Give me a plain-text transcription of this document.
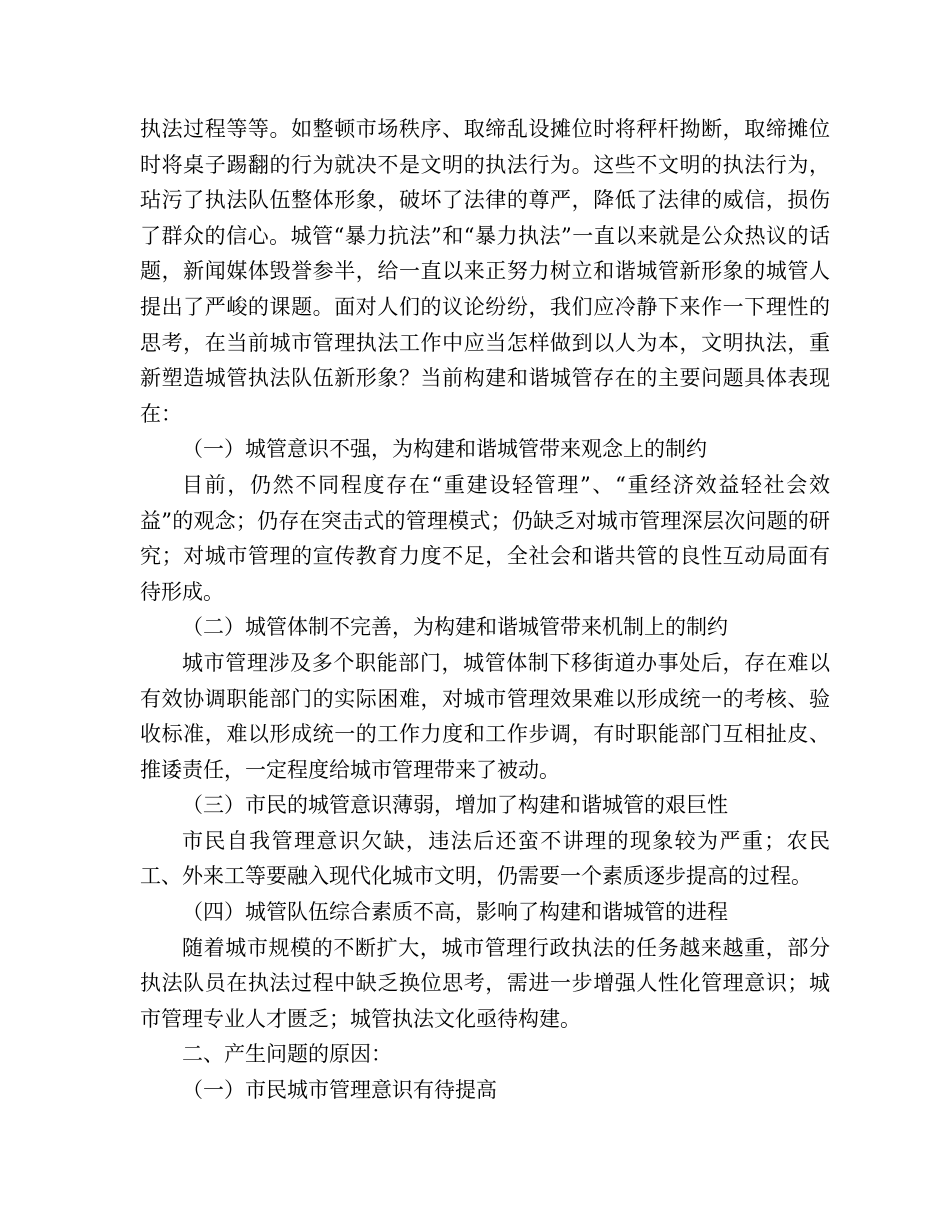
执法过程等等。如整顿市场秩序、取缔乱设摊位时将秤杆拗断，取缔摊位时将桌子踢翻的行为就决不是文明的执法行为。这些不文明的执法行为，玷污了执法队伍整体形象，破坏了法律的尊严，降低了法律的威信，损伤了群众的信心。城管“暴力抗法”和“暴力执法”一直以来就是公众热议的话题，新闻媒体毁誉参半，给一直以来正努力树立和谐城管新形象的城管人提出了严峻的课题。面对人们的议论纷纷，我们应冷静下来作一下理性的思考，在当前城市管理执法工作中应当怎样做到以人为本，文明执法，重新塑造城管执法队伍新形象？当前构建和谐城管存在的主要问题具体表现在：

（一）城管意识不强，为构建和谐城管带来观念上的制约

目前，仍然不同程度存在“重建设轻管理”、“重经济效益轻社会效益”的观念；仍存在突击式的管理模式；仍缺乏对城市管理深层次问题的研究；对城市管理的宣传教育力度不足，全社会和谐共管的良性互动局面有待形成。

（二）城管体制不完善，为构建和谐城管带来机制上的制约

城市管理涉及多个职能部门，城管体制下移街道办事处后，存在难以有效协调职能部门的实际困难，对城市管理效果难以形成统一的考核、验收标准，难以形成统一的工作力度和工作步调，有时职能部门互相扯皮、推诿责任，一定程度给城市管理带来了被动。

（三）市民的城管意识薄弱，增加了构建和谐城管的艰巨性

市民自我管理意识欠缺，违法后还蛮不讲理的现象较为严重；农民工、外来工等要融入现代化城市文明，仍需要一个素质逐步提高的过程。

（四）城管队伍综合素质不高，影响了构建和谐城管的进程

随着城市规模的不断扩大，城市管理行政执法的任务越来越重，部分执法队员在执法过程中缺乏换位思考，需进一步增强人性化管理意识；城市管理专业人才匮乏；城管执法文化亟待构建。

二、产生问题的原因：

（一）市民城市管理意识有待提高
